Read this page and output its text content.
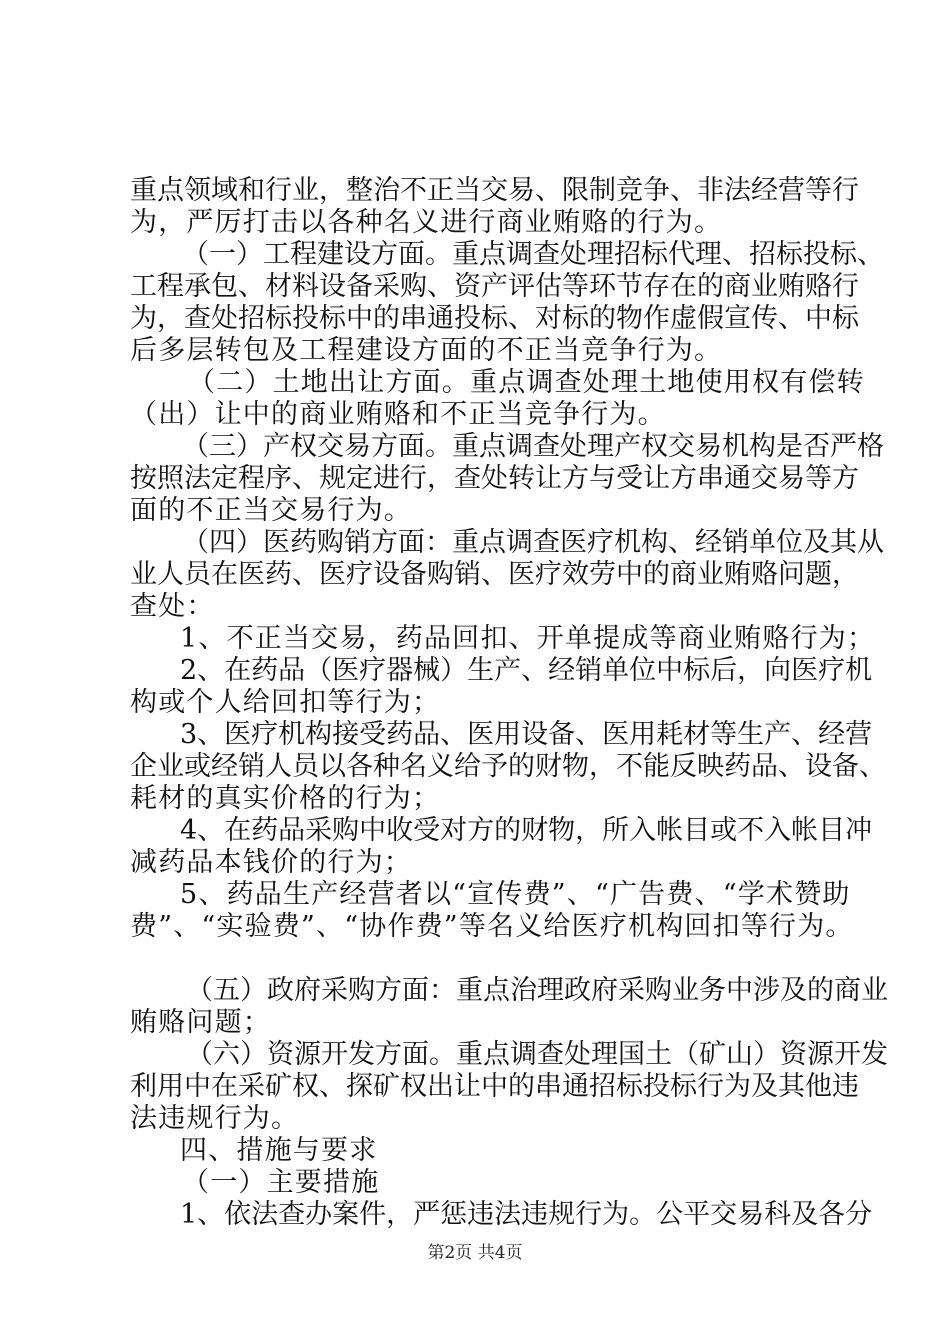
重点领域和行业，整治不正当交易、限制竞争、非法经营等行
为，严厉打击以各种名义进行商业贿赂的行为。
（一）工程建设方面。重点调查处理招标代理、招标投标、
工程承包、材料设备采购、资产评估等环节存在的商业贿赂行
为，查处招标投标中的串通投标、对标的物作虚假宣传、中标
后多层转包及工程建设方面的不正当竞争行为。
（二）土地出让方面。重点调查处理土地使用权有偿转
（出）让中的商业贿赂和不正当竞争行为。
（三）产权交易方面。重点调查处理产权交易机构是否严格
按照法定程序、规定进行，查处转让方与受让方串通交易等方
面的不正当交易行为。
（四）医药购销方面：重点调查医疗机构、经销单位及其从
业人员在医药、医疗设备购销、医疗效劳中的商业贿赂问题，
查处：
1、不正当交易，药品回扣、开单提成等商业贿赂行为；
2、在药品（医疗器械）生产、经销单位中标后，向医疗机
构或个人给回扣等行为；
3、医疗机构接受药品、医用设备、医用耗材等生产、经营
企业或经销人员以各种名义给予的财物，不能反映药品、设备、
耗材的真实价格的行为；
4、在药品采购中收受对方的财物，所入帐目或不入帐目冲
减药品本钱价的行为；
5、药品生产经营者以“宣传费”、“广告费、“学术赞助
费”、“实验费”、“协作费”等名义给医疗机构回扣等行为。
（五）政府采购方面：重点治理政府采购业务中涉及的商业
贿赂问题；
（六）资源开发方面。重点调查处理国土（矿山）资源开发
利用中在采矿权、探矿权出让中的串通招标投标行为及其他违
法违规行为。
四、措施与要求
（一）主要措施
1、依法查办案件，严惩违法违规行为。公平交易科及各分
第2页 共4页
